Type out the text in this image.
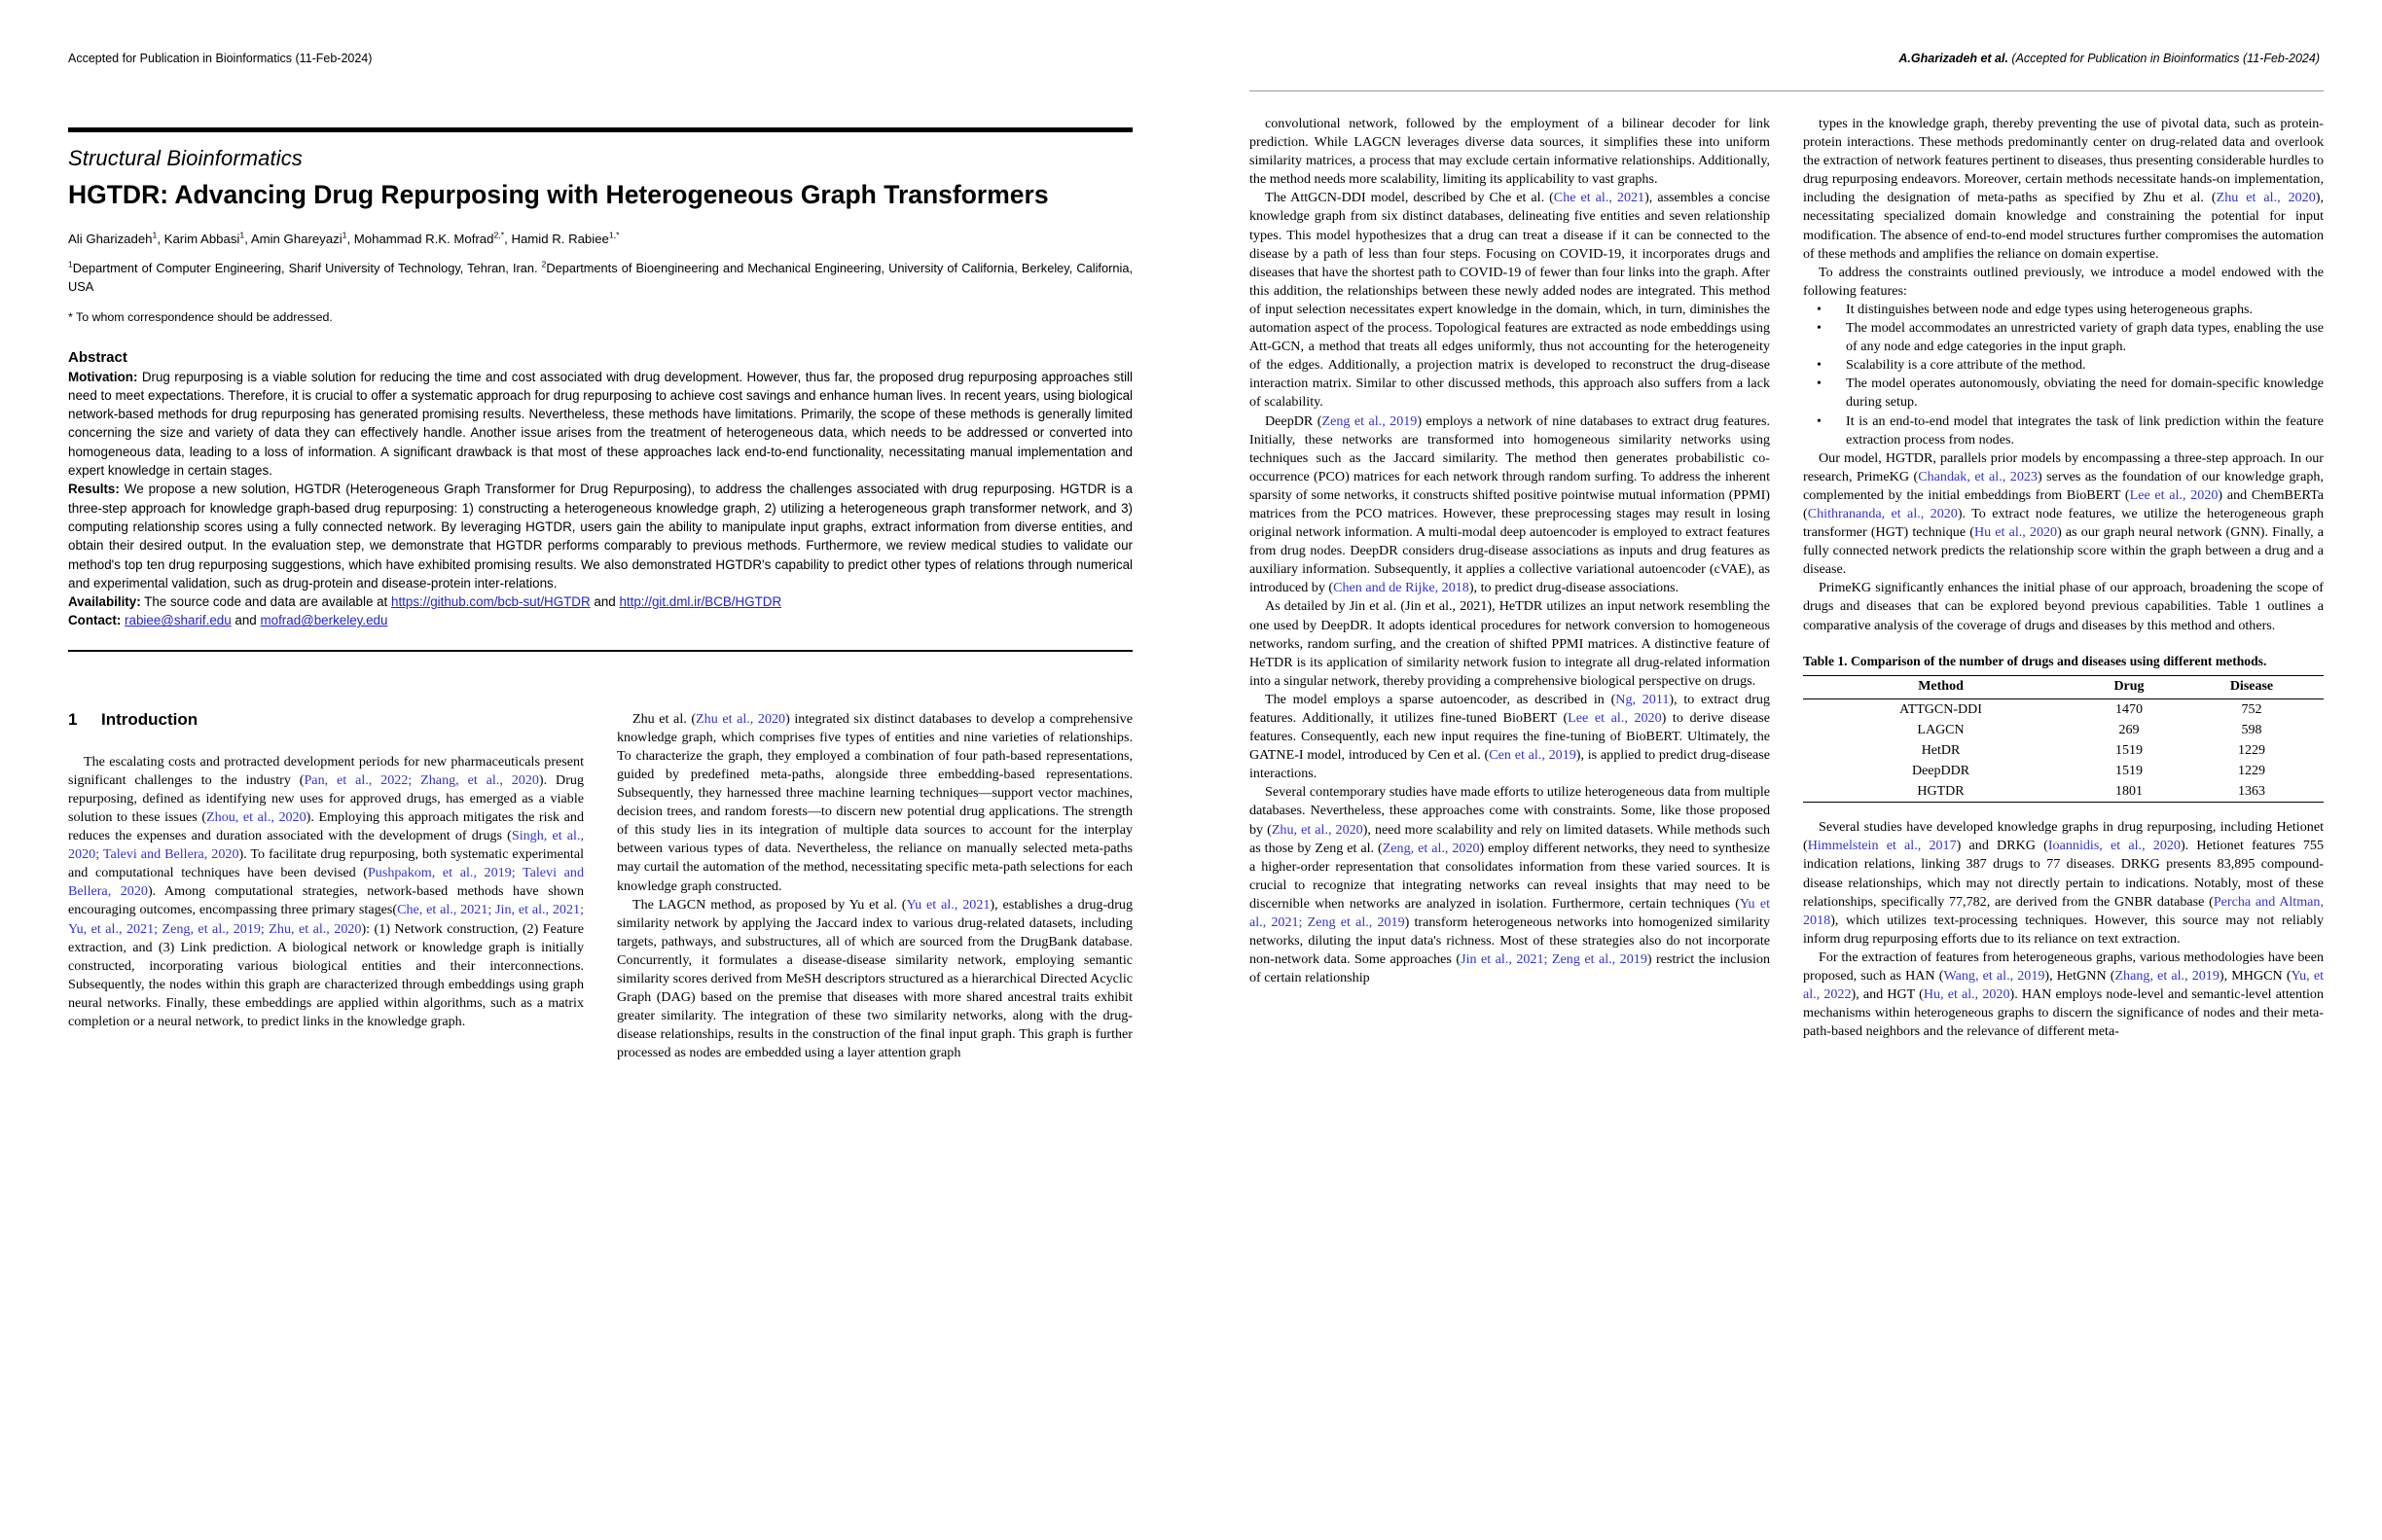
Accepted for Publication in Bioinformatics (11-Feb-2024)
Structural Bioinformatics
HGTDR: Advancing Drug Repurposing with Heterogeneous Graph Transformers
Ali Gharizadeh$^1$, Karim Abbasi$^1$, Amin Ghareyazi$^1$, Mohammad R.K. Mofrad$^{2,*}$, Hamid R. Rabiee$^{1,*}$
$^1$Department of Computer Engineering, Sharif University of Technology, Tehran, Iran. $^2$Departments of Bioengineering and Mechanical Engineering, University of California, Berkeley, California, USA
* To whom correspondence should be addressed.
Abstract

Motivation: Drug repurposing is a viable solution for reducing the time and cost associated with drug development. However, thus far, the proposed drug repurposing approaches still need to meet expectations. Therefore, it is crucial to offer a systematic approach for drug repurposing to achieve cost savings and enhance human lives. In recent years, using biological network-based methods for drug repurposing has generated promising results. Nevertheless, these methods have limitations. Primarily, the scope of these methods is generally limited concerning the size and variety of data they can effectively handle. Another issue arises from the treatment of heterogeneous data, which needs to be addressed or converted into homogeneous data, leading to a loss of information. A significant drawback is that most of these approaches lack end-to-end functionality, necessitating manual implementation and expert knowledge in certain stages.

Results: We propose a new solution, HGTDR (Heterogeneous Graph Transformer for Drug Repurposing), to address the challenges associated with drug repurposing. HGTDR is a three-step approach for knowledge graph-based drug repurposing: 1) constructing a heterogeneous knowledge graph, 2) utilizing a heterogeneous graph transformer network, and 3) computing relationship scores using a fully connected network. By leveraging HGTDR, users gain the ability to manipulate input graphs, extract information from diverse entities, and obtain their desired output. In the evaluation step, we demonstrate that HGTDR performs comparably to previous methods. Furthermore, we review medical studies to validate our method's top ten drug repurposing suggestions, which have exhibited promising results. We also demonstrated HGTDR's capability to predict other types of relations through numerical and experimental validation, such as drug-protein and disease-protein inter-relations.

Availability: The source code and data are available at https://github.com/bcb-sut/HGTDR and http://git.dml.ir/BCB/HGTDR

Contact: rabiee@sharif.edu and mofrad@berkeley.edu

1 Introduction

The escalating costs and protracted development periods for new pharmaceuticals present significant challenges to the industry (Pan, et al., 2022; Zhang, et al., 2020). Drug repurposing, defined as identifying new uses for approved drugs, has emerged as a viable solution to these issues (Zhou, et al., 2020). Employing this approach mitigates the risk and reduces the expenses and duration associated with the development of drugs (Singh, et al., 2020; Talevi and Bellera, 2020). To facilitate drug repurposing, both systematic experimental and computational techniques have been devised (Pushpakom, et al., 2019; Talevi and Bellera, 2020). Among computational strategies, network-based methods have shown encouraging outcomes, encompassing three primary stages(Che, et al., 2021; Jin, et al., 2021; Yu, et al., 2021; Zeng, et al., 2019; Zhu, et al., 2020): (1) Network construction, (2) Feature extraction, and (3) Link prediction. A biological network or knowledge graph is initially constructed, incorporating various biological entities and their interconnections. Subsequently, the nodes within this graph are characterized through embeddings using graph neural networks. Finally, these embeddings are applied within algorithms, such as a matrix completion or a neural network, to predict links in the knowledge graph.

Zhu et al. (Zhu et al., 2020) integrated six distinct databases to develop a comprehensive knowledge graph, which comprises five types of entities and nine varieties of relationships. To characterize the graph, they employed a combination of four path-based representations, guided by predefined meta-paths, alongside three embedding-based representations. Subsequently, they harnessed three machine learning techniques—support vector machines, decision trees, and random forests—to discern new potential drug applications. The strength of this study lies in its integration of multiple data sources to account for the interplay between various types of data. Nevertheless, the reliance on manually selected meta-paths may curtail the automation of the method, necessitating specific meta-path selections for each knowledge graph constructed.

The LAGCN method, as proposed by Yu et al. (Yu et al., 2021), establishes a drug-drug similarity network by applying the Jaccard index to various drug-related datasets, including targets, pathways, and substructures, all of which are sourced from the DrugBank database. Concurrently, it formulates a disease-disease similarity network, employing semantic similarity scores derived from MeSH descriptors structured as a hierarchical Directed Acyclic Graph (DAG) based on the premise that diseases with more shared ancestral traits exhibit greater similarity. The integration of these two similarity networks, along with the drug-disease relationships, results in the construction of the final input graph. This graph is further processed as nodes are embedded using a layer attention graph

A.Gharizadeh et al. (Accepted for Publication in Bioinformatics (11-Feb-2024)

convolutional network, followed by the employment of a bilinear decoder for link prediction. While LAGCN leverages diverse data sources, it simplifies these into uniform similarity matrices, a process that may exclude certain informative relationships. Additionally, the method needs more scalability, limiting its applicability to vast graphs.

The AttGCN-DDI model, described by Che et al. (Che et al., 2021), assembles a concise knowledge graph from six distinct databases, delineating five entities and seven relationship types. This model hypothesizes that a drug can treat a disease if it can be connected to the disease by a path of less than four steps. Focusing on COVID-19, it incorporates drugs and diseases that have the shortest path to COVID-19 of fewer than four links into the graph. After this addition, the relationships between these newly added nodes are integrated. This method of input selection necessitates expert knowledge in the domain, which, in turn, diminishes the automation aspect of the process. Topological features are extracted as node embeddings using Att-GCN, a method that treats all edges uniformly, thus not accounting for the heterogeneity of the edges. Additionally, a projection matrix is developed to reconstruct the drug-disease interaction matrix. Similar to other discussed methods, this approach also suffers from a lack of scalability.

DeepDR (Zeng et al., 2019) employs a network of nine databases to extract drug features. Initially, these networks are transformed into homogeneous similarity networks using techniques such as the Jaccard similarity. The method then generates probabilistic co-occurrence (PCO) matrices for each network through random surfing. To address the inherent sparsity of some networks, it constructs shifted positive pointwise mutual information (PPMI) matrices from the PCO matrices. However, these preprocessing stages may result in losing original network information. A multi-modal deep autoencoder is employed to extract features from drug nodes. DeepDR considers drug-disease associations as inputs and drug features as auxiliary information. Subsequently, it applies a collective variational autoencoder (cVAE), as introduced by (Chen and de Rijke, 2018), to predict drug-disease associations.

As detailed by Jin et al. (Jin et al., 2021), HeTDR utilizes an input network resembling the one used by DeepDR. It adopts identical procedures for network conversion to homogeneous networks, random surfing, and the creation of shifted PPMI matrices. A distinctive feature of HeTDR is its application of similarity network fusion to integrate all drug-related information into a singular network, thereby providing a comprehensive biological perspective on drugs.

The model employs a sparse autoencoder, as described in (Ng, 2011), to extract drug features. Additionally, it utilizes fine-tuned BioBERT (Lee et al., 2020) to derive disease features. Consequently, each new input requires the fine-tuning of BioBERT. Ultimately, the GATNE-I model, introduced by Cen et al. (Cen et al., 2019), is applied to predict drug-disease interactions.

Several contemporary studies have made efforts to utilize heterogeneous data from multiple databases. Nevertheless, these approaches come with constraints. Some, like those proposed by (Zhu, et al., 2020), need more scalability and rely on limited datasets. While methods such as those by Zeng et al. (Zeng, et al., 2020) employ different networks, they need to synthesize a higher-order representation that consolidates information from these varied sources. It is crucial to recognize that integrating networks can reveal insights that may need to be discernible when networks are analyzed in isolation. Furthermore, certain techniques (Yu et al., 2021; Zeng et al., 2019) transform heterogeneous networks into homogenized similarity networks, diluting the input data's richness. Most of these strategies also do not incorporate non-network data. Some approaches (Jin et al., 2021; Zeng et al., 2019) restrict the inclusion of certain relationship

types in the knowledge graph, thereby preventing the use of pivotal data, such as protein-protein interactions. These methods predominantly center on drug-related data and overlook the extraction of network features pertinent to diseases, thus presenting considerable hurdles to drug repurposing endeavors. Moreover, certain methods necessitate hands-on implementation, including the designation of meta-paths as specified by Zhu et al. (Zhu et al., 2020), necessitating specialized domain knowledge and constraining the potential for input modification. The absence of end-to-end model structures further compromises the automation of these methods and amplifies the reliance on domain expertise.

To address the constraints outlined previously, we introduce a model endowed with the following features:

• It distinguishes between node and edge types using heterogeneous graphs.
• The model accommodates an unrestricted variety of graph data types, enabling the use of any node and edge categories in the input graph.
• Scalability is a core attribute of the method.
• The model operates autonomously, obviating the need for domain-specific knowledge during setup.
• It is an end-to-end model that integrates the task of link prediction within the feature extraction process from nodes.

Our model, HGTDR, parallels prior models by encompassing a three-step approach. In our research, PrimeKG (Chandak, et al., 2023) serves as the foundation of our knowledge graph, complemented by the initial embeddings from BioBERT (Lee et al., 2020) and ChemBERTa (Chithrananda, et al., 2020). To extract node features, we utilize the heterogeneous graph transformer (HGT) technique (Hu et al., 2020) as our graph neural network (GNN). Finally, a fully connected network predicts the relationship score within the graph between a drug and a disease.

PrimeKG significantly enhances the initial phase of our approach, broadening the scope of drugs and diseases that can be explored beyond previous capabilities. Table 1 outlines a comparative analysis of the coverage of drugs and diseases by this method and others.

Table 1. Comparison of the number of drugs and diseases using different methods.
Method	Drug	Disease
ATTGCN-DDI	1470	752
LAGCN	269	598
HetDR	1519	1229
DeepDDR	1519	1229
HGTDR	1801	1363

Several studies have developed knowledge graphs in drug repurposing, including Hetionet (Himmelstein et al., 2017) and DRKG (Ioannidis, et al., 2020). Hetionet features 755 indication relations, linking 387 drugs to 77 diseases. DRKG presents 83,895 compound-disease relationships, which may not directly pertain to indications. Notably, most of these relationships, specifically 77,782, are derived from the GNBR database (Percha and Altman, 2018), which utilizes text-processing techniques. However, this source may not reliably inform drug repurposing efforts due to its reliance on text extraction.

For the extraction of features from heterogeneous graphs, various methodologies have been proposed, such as HAN (Wang, et al., 2019), HetGNN (Zhang, et al., 2019), MHGCN (Yu, et al., 2022), and HGT (Hu, et al., 2020). HAN employs node-level and semantic-level attention mechanisms within heterogeneous graphs to discern the significance of nodes and their meta-path-based neighbors and the relevance of different meta-
